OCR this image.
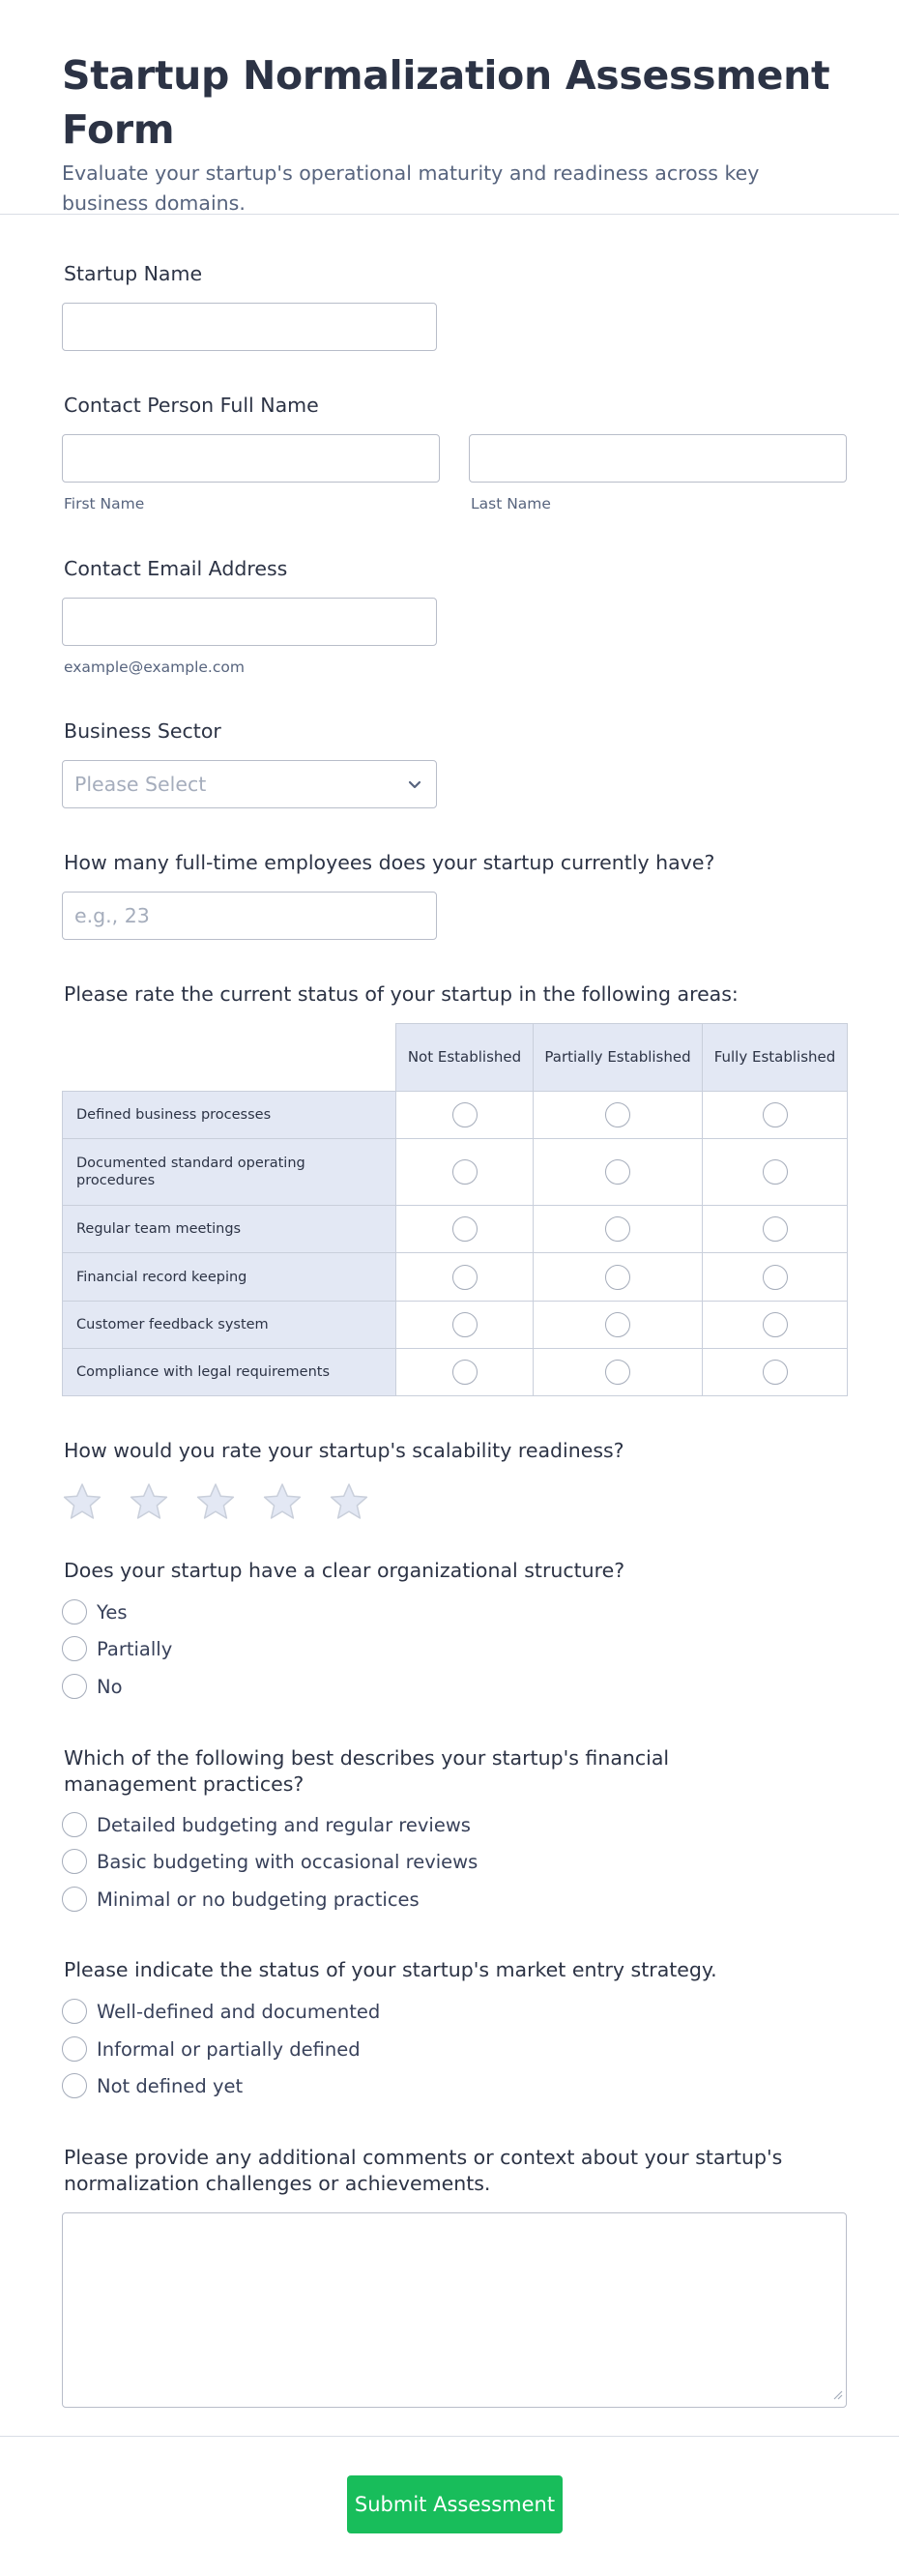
Startup Normalization Assessment Form

Evaluate your startup's operational maturity and readiness across key business domains.

Startup Name
Contact Person Full Name
First Name	Last Name
Contact Email Address
example@example.com
Business Sector
Please Select
How many full-time employees does your startup currently have?
e.g., 23
Please rate the current status of your startup in the following areas:
	Not Established	Partially Established	Fully Established
Defined business processes			
Documented standard operating procedures			
Regular team meetings			
Financial record keeping			
Customer feedback system			
Compliance with legal requirements			
How would you rate your startup's scalability readiness?
Does your startup have a clear organizational structure?
Yes
Partially
No
Which of the following best describes your startup's financial management practices?
Detailed budgeting and regular reviews
Basic budgeting with occasional reviews
Minimal or no budgeting practices
Please indicate the status of your startup's market entry strategy.
Well-defined and documented
Informal or partially defined
Not defined yet
Please provide any additional comments or context about your startup's normalization challenges or achievements.
Submit Assessment
